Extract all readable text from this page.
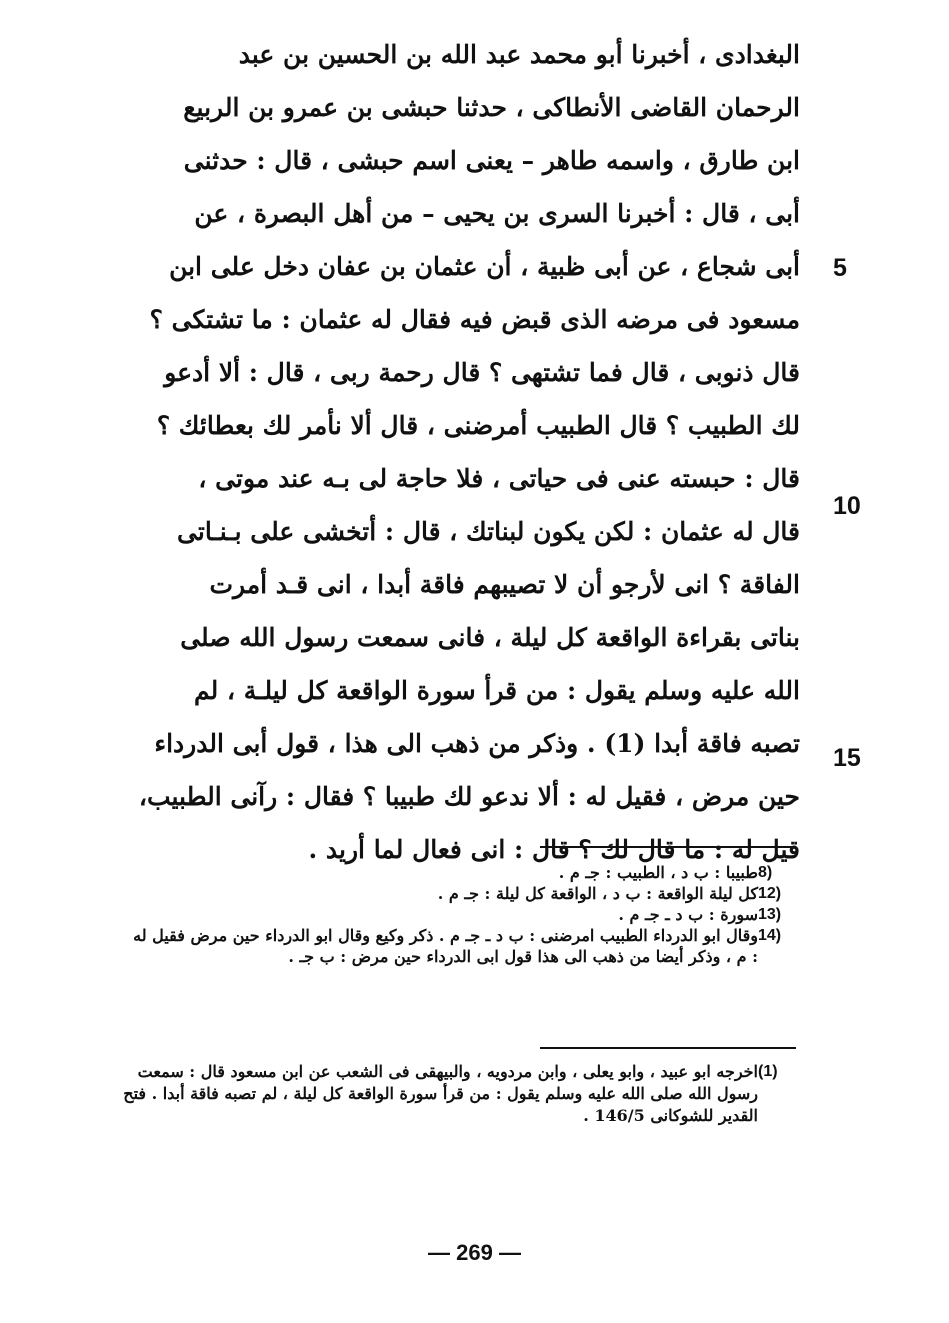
البغدادى ، أخبرنا أبو محمد عبد الله بن الحسين بن عبد
الرحمان القاضى الأنطاكى ، حدثنا حبشى بن عمرو بن الربيع
ابن طارق ، واسمه طاهر – يعنى اسم حبشى ، قال : حدثنى
أبى ، قال : أخبرنا السرى بن يحيى – من أهل البصرة ، عن
أبى شجاع ، عن أبى ظبية ، أن عثمان بن عفان دخل على ابن
مسعود فى مرضه الذى قبض فيه فقال له عثمان : ما تشتكى ؟
قال ذنوبى ، قال فما تشتهى ؟ قال رحمة ربى ، قال : ألا أدعو
لك الطبيب ؟ قال الطبيب أمرضنى ، قال ألا نأمر لك بعطائك ؟
قال : حبسته عنى فى حياتى ، فلا حاجة لى بـه عند موتى ،
قال له عثمان : لكن يكون لبناتك ، قال : أتخشى على بـنـاتى
الفاقة ؟ انى لأرجو أن لا تصيبهم فاقة أبدا ، انى قـد أمرت
بناتى بقراءة الواقعة كل ليلة ، فانى سمعت رسول الله صلى
الله عليه وسلم يقول : من قرأ سورة الواقعة كل ليلـة ، لم
تصبه فاقة أبدا (1) . وذكر من ذهب الى هذا ، قول أبى الدرداء
حين مرض ، فقيل له : ألا ندعو لك طبيبا ؟ فقال : رآنى الطبيب،
قيل له : ما قال لك ؟ قال : انى فعال لما أريد .
5
10
15
8)
طبيبا : ب د ، الطبيب : جـ م .
12)
كل ليلة الواقعة : ب د ، الواقعة كل ليلة : جـ م .
13)
سورة : ب د ـ جـ م .
14)
وقال ابو الدرداء الطبيب امرضنى : ب د ـ جـ م . ذكر وكيع وقال ابو الدرداء حين مرض فقيل له : م ، وذكر أيضا من ذهب الى هذا قول ابى الدرداء حين مرض : ب جـ .
(1)
اخرجه ابو عبيد ، وابو يعلى ، وابن مردويه ، والبيهقى فى الشعب عن ابن مسعود قال : سمعت رسول الله صلى الله عليه وسلم يقول : من قرأ سورة الواقعة كل ليلة ، لم تصبه فاقة أبدا . فتح القدير للشوكانى 146/5 .
— 269 —
